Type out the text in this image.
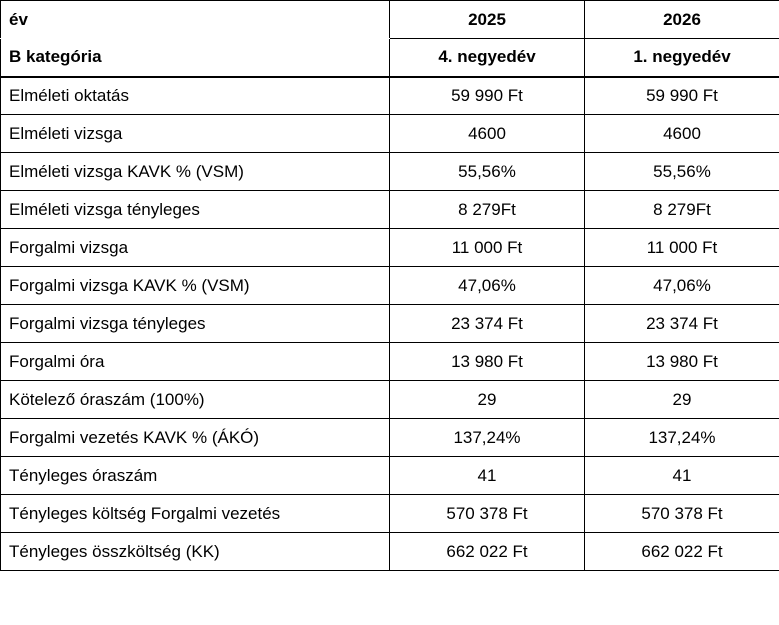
év	2025	2026
B kategória	4. negyedév	1. negyedév
Elméleti oktatás	59 990 Ft	59 990 Ft
Elméleti vizsga	4600	4600
Elméleti vizsga KAVK % (VSM)	55,56%	55,56%
Elméleti vizsga tényleges	8 279Ft	8 279Ft
Forgalmi vizsga	11 000 Ft	11 000 Ft
Forgalmi vizsga KAVK % (VSM)	47,06%	47,06%
Forgalmi vizsga tényleges	23 374 Ft	23 374 Ft
Forgalmi óra	13 980 Ft	13 980 Ft
Kötelező óraszám (100%)	29	29
Forgalmi vezetés KAVK % (ÁKÓ)	137,24%	137,24%
Tényleges óraszám	41	41
Tényleges költség Forgalmi vezetés	570 378 Ft	570 378 Ft
Tényleges összköltség (KK)	662 022 Ft	662 022 Ft
